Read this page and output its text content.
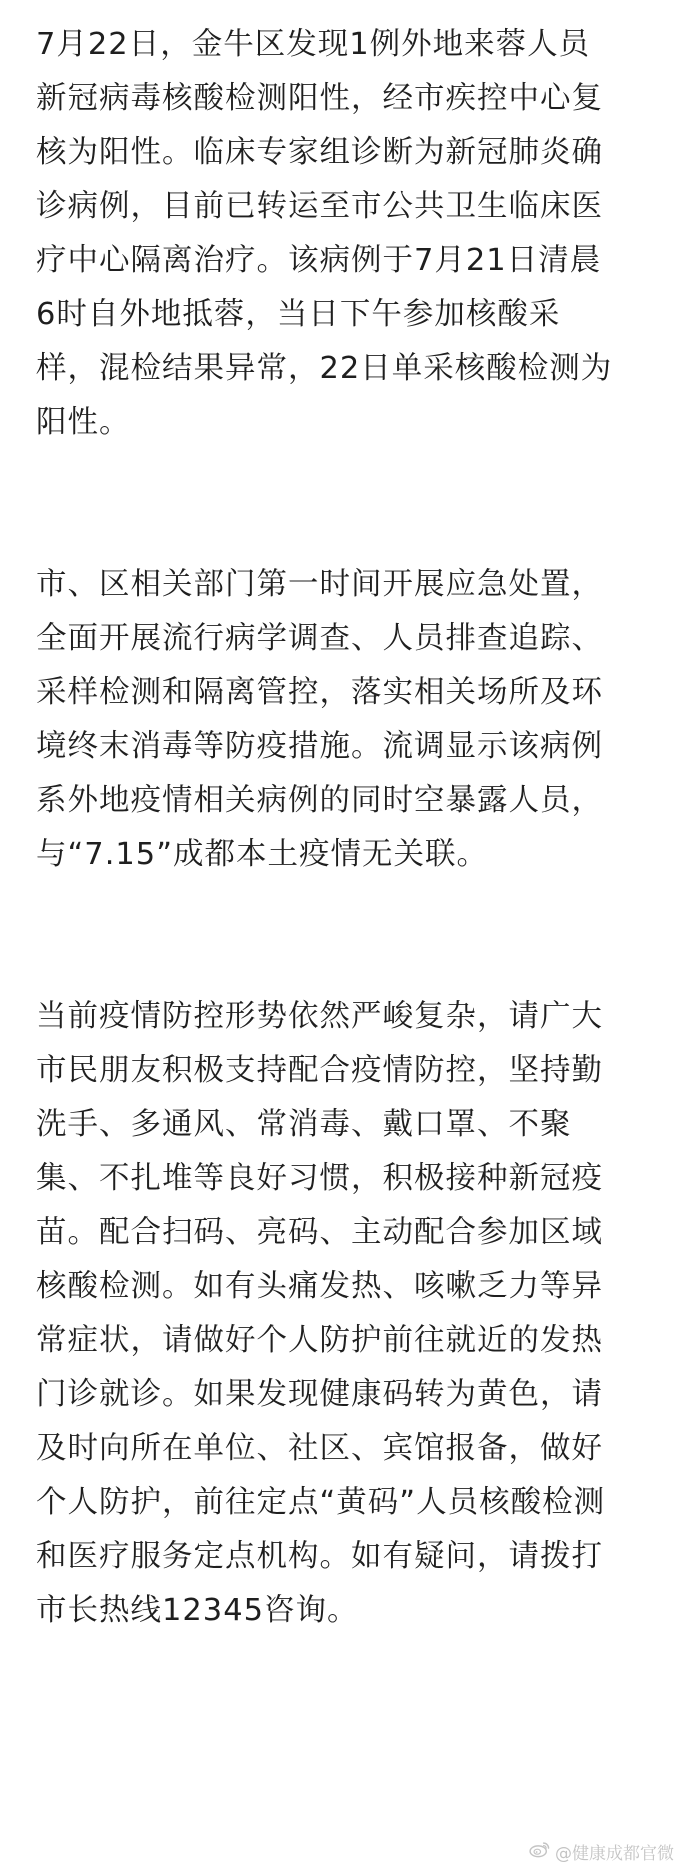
7月22日，金牛区发现1例外地来蓉人员
新冠病毒核酸检测阳性，经市疾控中心复
核为阳性。临床专家组诊断为新冠肺炎确
诊病例，目前已转运至市公共卫生临床医
疗中心隔离治疗。该病例于7月21日清晨
6时自外地抵蓉，当日下午参加核酸采
样，混检结果异常，22日单采核酸检测为
阳性。

市、区相关部门第一时间开展应急处置，
全面开展流行病学调查、人员排查追踪、
采样检测和隔离管控，落实相关场所及环
境终末消毒等防疫措施。流调显示该病例
系外地疫情相关病例的同时空暴露人员，
与“7.15”成都本土疫情无关联。

当前疫情防控形势依然严峻复杂，请广大
市民朋友积极支持配合疫情防控，坚持勤
洗手、多通风、常消毒、戴口罩、不聚
集、不扎堆等良好习惯，积极接种新冠疫
苗。配合扫码、亮码、主动配合参加区域
核酸检测。如有头痛发热、咳嗽乏力等异
常症状，请做好个人防护前往就近的发热
门诊就诊。如果发现健康码转为黄色，请
及时向所在单位、社区、宾馆报备，做好
个人防护，前往定点“黄码”人员核酸检测
和医疗服务定点机构。如有疑问，请拨打
市长热线12345咨询。

@健康成都官微
